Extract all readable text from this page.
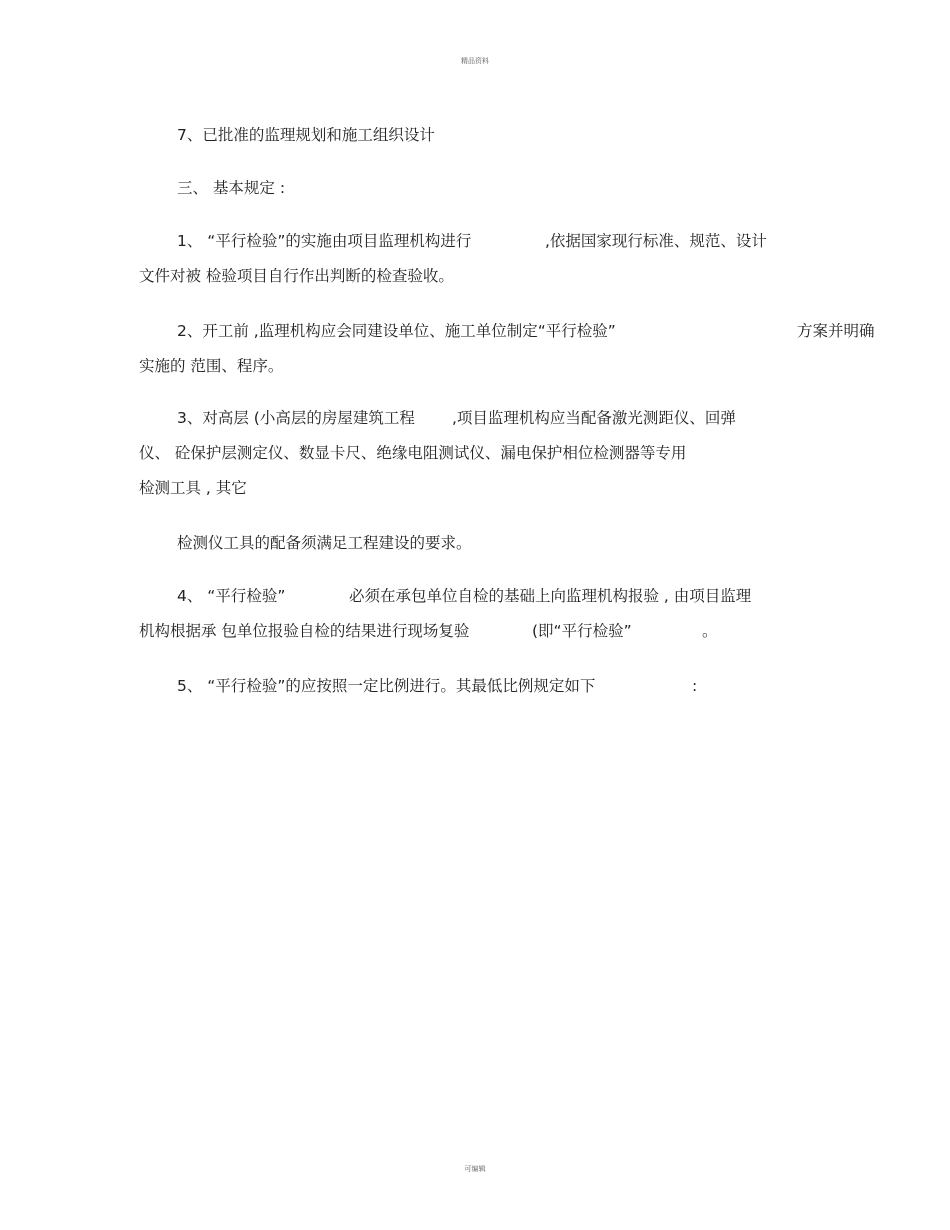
精品资料
7、已批准的监理规划和施工组织设计
三、 基本规定 :
1、 “平行检验”的实施由项目监理机构进行	,依据国家现行标准、规范、设计
文件对被 检验项目自行作出判断的检查验收。
2、开工前 ,监理机构应会同建设单位、施工单位制定“平行检验”	方案并明确
实施的 范围、程序。
3、对高层 (小高层的房屋建筑工程 ,项目监理机构应当配备激光测距仪、回弹
仪、 砼保护层测定仪、数显卡尺、绝缘电阻测试仪、漏电保护相位检测器等专用
检测工具 , 其它
检测仪工具的配备须满足工程建设的要求。
4、 “平行检验”	必须在承包单位自检的基础上向监理机构报验 , 由项目监理
机构根据承 包单位报验自检的结果进行现场复验	(即“平行检验”	。
5、 “平行检验”的应按照一定比例进行。其最低比例规定如下	:
可编辑
